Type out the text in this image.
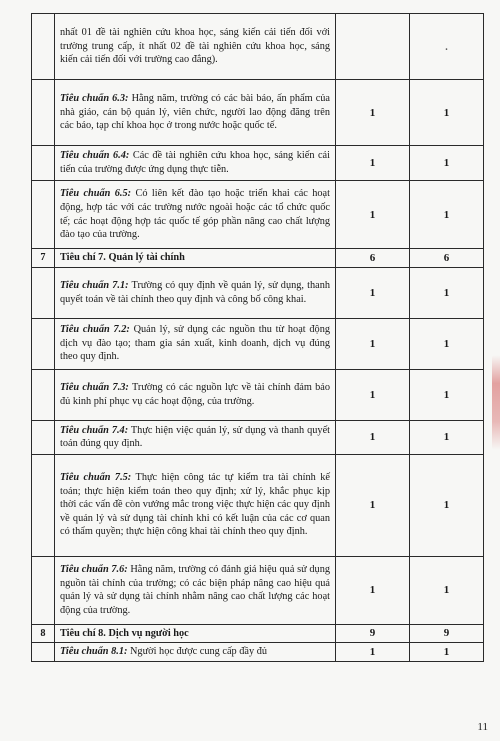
	nhất 01 đề tài nghiên cứu khoa học, sáng kiến cải tiến đối với trường trung cấp, ít nhất 02 đề tài nghiên cứu khoa học, sáng kiến cải tiến đối với trường cao đẳng).		.
	Tiêu chuẩn 6.3: Hằng năm, trường có các bài báo, ấn phẩm của nhà giáo, cán bộ quản lý, viên chức, người lao động đăng trên các báo, tạp chí khoa học ở trong nước hoặc quốc tế.	1	1
	Tiêu chuẩn 6.4: Các đề tài nghiên cứu khoa học, sáng kiến cải tiến của trường được ứng dụng thực tiễn.	1	1
	Tiêu chuẩn 6.5: Có liên kết đào tạo hoặc triển khai các hoạt động, hợp tác với các trường nước ngoài hoặc các tổ chức quốc tế; các hoạt động hợp tác quốc tế góp phần nâng cao chất lượng đào tạo của trường.	1	1
7	Tiêu chí 7. Quản lý tài chính	6	6
	Tiêu chuẩn 7.1: Trường có quy định về quản lý, sử dụng, thanh quyết toán về tài chính theo quy định và công bố công khai.	1	1
	Tiêu chuẩn 7.2: Quản lý, sử dụng các nguồn thu từ hoạt động dịch vụ đào tạo; tham gia sản xuất, kinh doanh, dịch vụ đúng theo quy định.	1	1
	Tiêu chuẩn 7.3: Trường có các nguồn lực về tài chính đảm bảo đủ kinh phí phục vụ các hoạt động, của trường.	1	1
	Tiêu chuẩn 7.4: Thực hiện việc quản lý, sử dụng và thanh quyết toán đúng quy định.	1	1
	Tiêu chuẩn 7.5: Thực hiện công tác tự kiểm tra tài chính kế toán; thực hiện kiểm toán theo quy định; xử lý, khắc phục kịp thời các vấn đề còn vướng mắc trong việc thực hiện các quy định về quản lý và sử dụng tài chính khi có kết luận của các cơ quan có thẩm quyền; thực hiện công khai tài chính theo quy định.	1	1
	Tiêu chuẩn 7.6: Hằng năm, trường có đánh giá hiệu quả sử dụng nguồn tài chính của trường; có các biện pháp nâng cao hiệu quả quản lý và sử dụng tài chính nhằm nâng cao chất lượng các hoạt động của trường.	1	1
8	Tiêu chí 8. Dịch vụ người học	9	9
	Tiêu chuẩn 8.1: Người học được cung cấp đầy đủ	1	1
11
